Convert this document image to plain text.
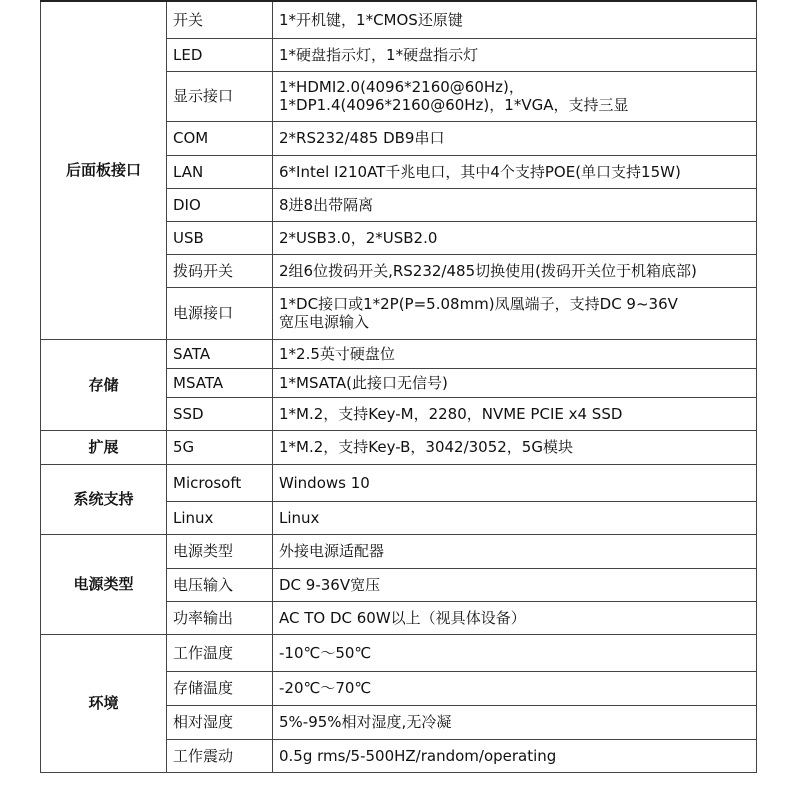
后面板接口	开关	1*开机键，1*CMOS还原键
	LED	1*硬盘指示灯，1*硬盘指示灯
	显示接口	1*HDMI2.0(4096*2160@60Hz)，
1*DP1.4(4096*2160@60Hz)，1*VGA，支持三显
	COM	2*RS232/485 DB9串口
	LAN	6*Intel I210AT千兆电口，其中4个支持POE(单口支持15W)
	DIO	8进8出带隔离
	USB	2*USB3.0，2*USB2.0
	拨码开关	2组6位拨码开关,RS232/485切换使用(拨码开关位于机箱底部)
	电源接口	1*DC接口或1*2P(P=5.08mm)凤凰端子，支持DC 9~36V
宽压电源输入
存储	SATA	1*2.5英寸硬盘位
	MSATA	1*MSATA(此接口无信号)
	SSD	1*M.2，支持Key-M，2280，NVME PCIE x4 SSD
扩展	5G	1*M.2，支持Key-B，3042/3052，5G模块
系统支持	Microsoft	Windows 10
	Linux	Linux
电源类型	电源类型	外接电源适配器
	电压输入	DC 9-36V宽压
	功率输出	AC TO DC 60W以上（视具体设备）
环境	工作温度	-10℃～50℃
	存储温度	-20℃～70℃
	相对湿度	5%-95%相对湿度,无冷凝
	工作震动	0.5g rms/5-500HZ/random/operating
